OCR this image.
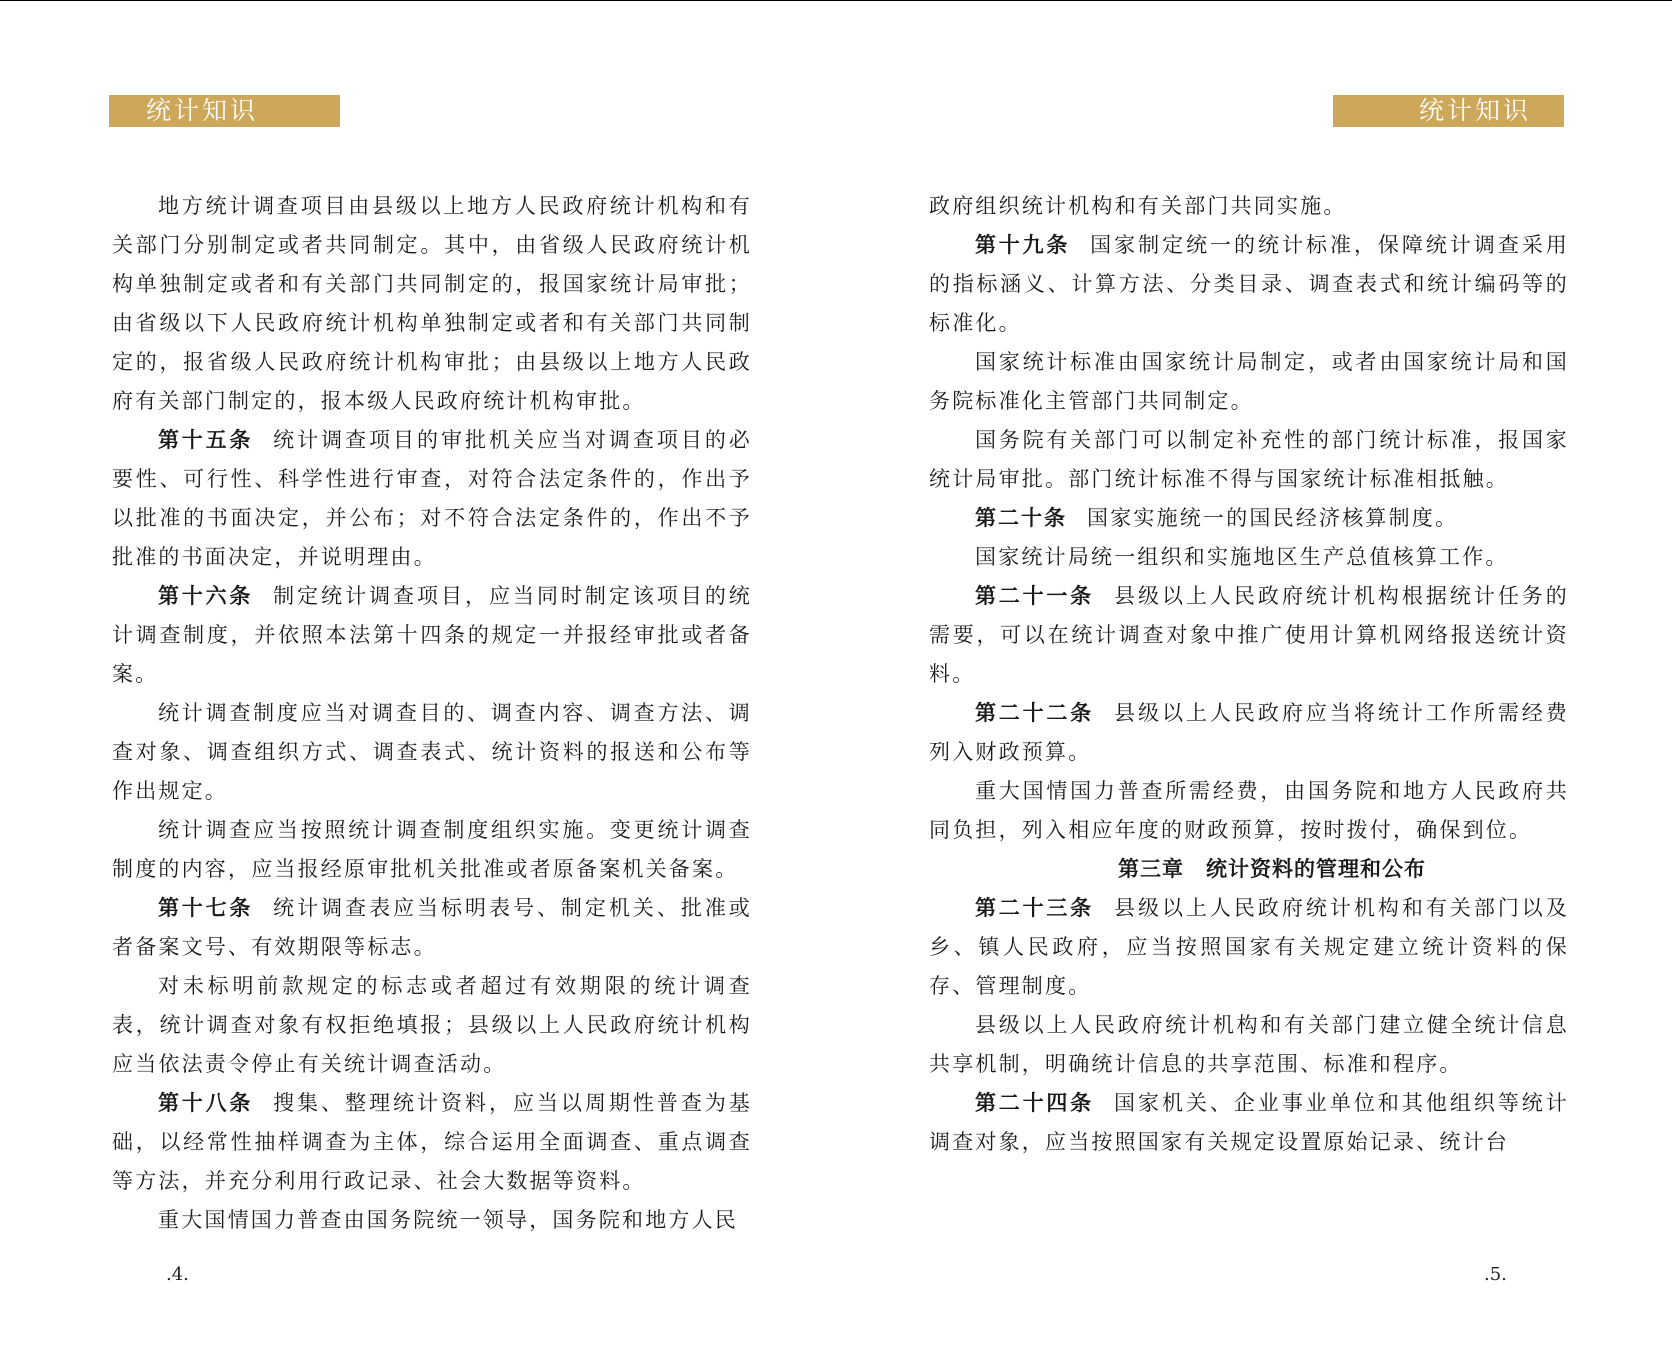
统计知识	统计知识

地方统计调查项目由县级以上地方人民政府统计机构和有关部门分别制定或者共同制定。其中，由省级人民政府统计机构单独制定或者和有关部门共同制定的，报国家统计局审批；由省级以下人民政府统计机构单独制定或者和有关部门共同制定的，报省级人民政府统计机构审批；由县级以上地方人民政府有关部门制定的，报本级人民政府统计机构审批。

第十五条 统计调查项目的审批机关应当对调查项目的必要性、可行性、科学性进行审查，对符合法定条件的，作出予以批准的书面决定，并公布；对不符合法定条件的，作出不予批准的书面决定，并说明理由。

第十六条 制定统计调查项目，应当同时制定该项目的统计调查制度，并依照本法第十四条的规定一并报经审批或者备案。

统计调查制度应当对调查目的、调查内容、调查方法、调查对象、调查组织方式、调查表式、统计资料的报送和公布等作出规定。

统计调查应当按照统计调查制度组织实施。变更统计调查制度的内容，应当报经原审批机关批准或者原备案机关备案。

第十七条 统计调查表应当标明表号、制定机关、批准或者备案文号、有效期限等标志。

对未标明前款规定的标志或者超过有效期限的统计调查表，统计调查对象有权拒绝填报；县级以上人民政府统计机构应当依法责令停止有关统计调查活动。

第十八条 搜集、整理统计资料，应当以周期性普查为基础，以经常性抽样调查为主体，综合运用全面调查、重点调查等方法，并充分利用行政记录、社会大数据等资料。

重大国情国力普查由国务院统一领导，国务院和地方人民

政府组织统计机构和有关部门共同实施。

第十九条 国家制定统一的统计标准，保障统计调查采用的指标涵义、计算方法、分类目录、调查表式和统计编码等的标准化。

国家统计标准由国家统计局制定，或者由国家统计局和国务院标准化主管部门共同制定。

国务院有关部门可以制定补充性的部门统计标准，报国家统计局审批。部门统计标准不得与国家统计标准相抵触。

第二十条 国家实施统一的国民经济核算制度。

国家统计局统一组织和实施地区生产总值核算工作。

第二十一条 县级以上人民政府统计机构根据统计任务的需要，可以在统计调查对象中推广使用计算机网络报送统计资料。

第二十二条 县级以上人民政府应当将统计工作所需经费列入财政预算。

重大国情国力普查所需经费，由国务院和地方人民政府共同负担，列入相应年度的财政预算，按时拨付，确保到位。

第三章　统计资料的管理和公布

第二十三条 县级以上人民政府统计机构和有关部门以及乡、镇人民政府，应当按照国家有关规定建立统计资料的保存、管理制度。

县级以上人民政府统计机构和有关部门建立健全统计信息共享机制，明确统计信息的共享范围、标准和程序。

第二十四条 国家机关、企业事业单位和其他组织等统计调查对象，应当按照国家有关规定设置原始记录、统计台

.4.	.5.
